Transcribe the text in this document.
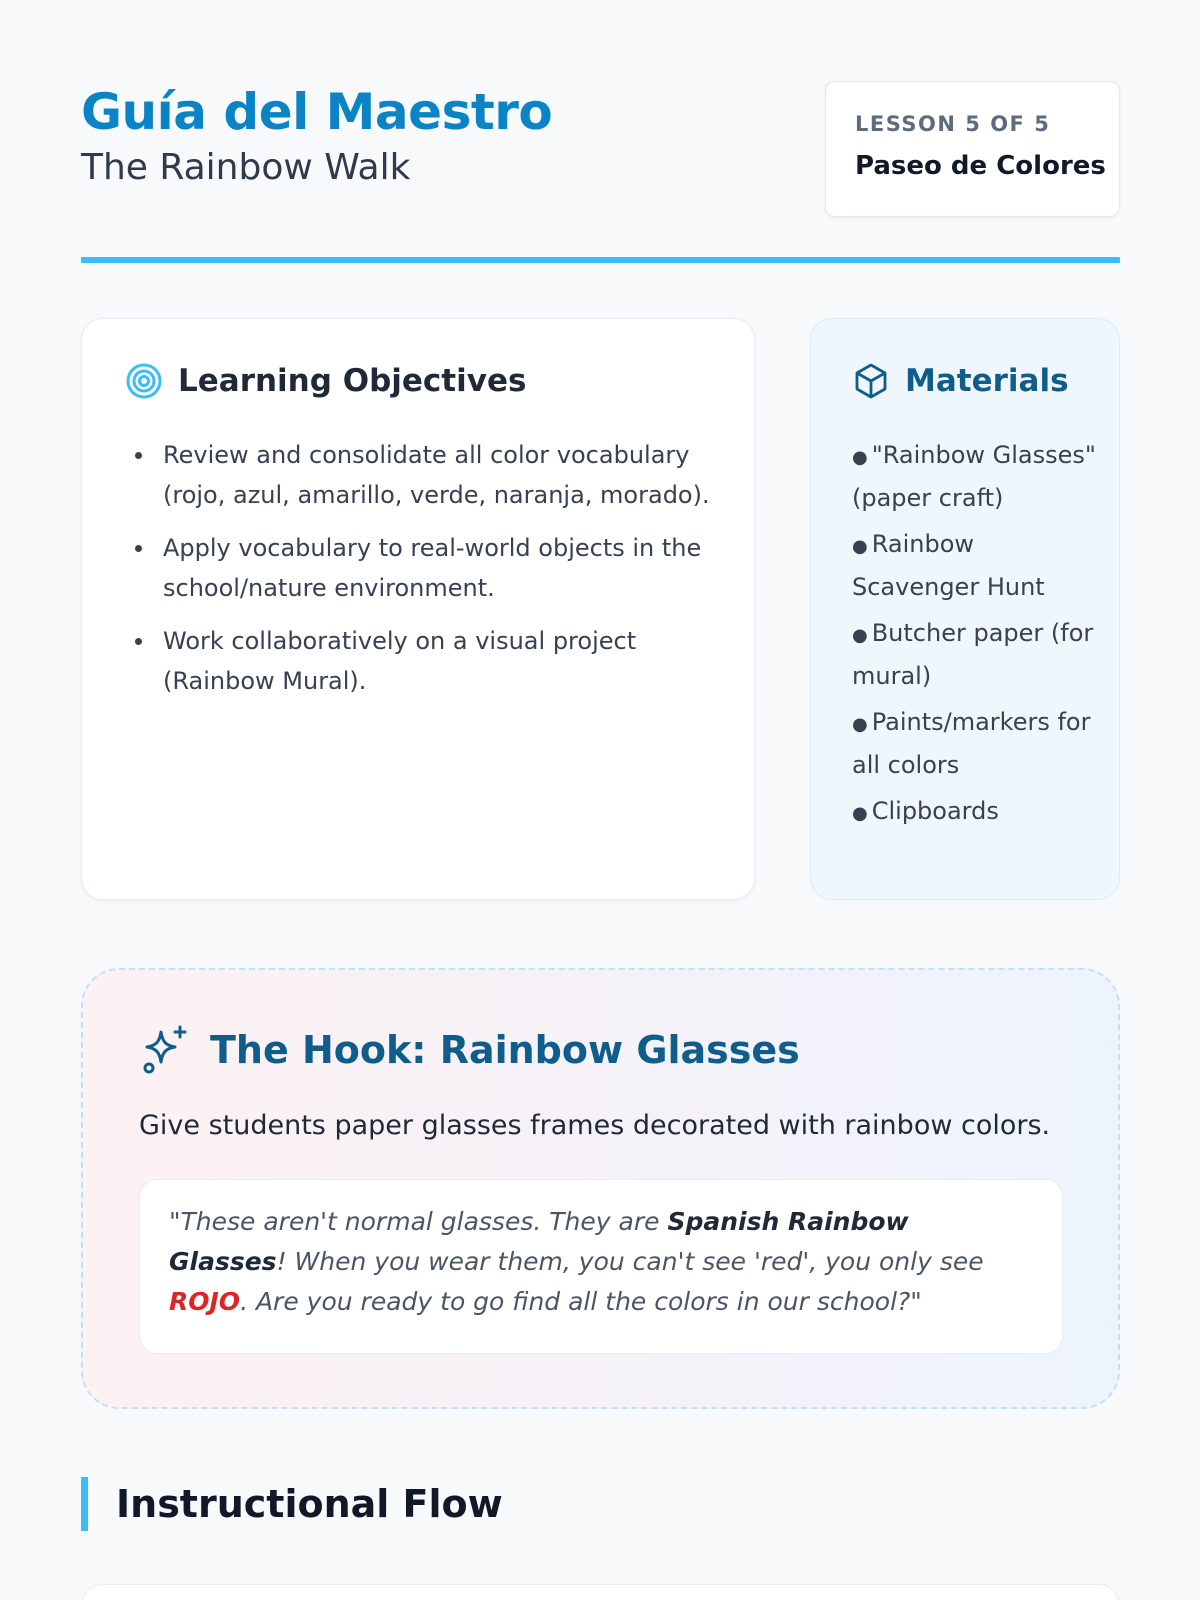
Guía del Maestro
The Rainbow Walk
LESSON 5 OF 5
Paseo de Colores
Learning Objectives
Review and consolidate all color vocabulary (rojo, azul, amarillo, verde, naranja, morado).
Apply vocabulary to real-world objects in the school/nature environment.
Work collaboratively on a visual project (Rainbow Mural).
Materials
● "Rainbow Glasses" (paper craft)
● Rainbow Scavenger Hunt
● Butcher paper (for mural)
● Paints/markers for all colors
● Clipboards
The Hook: Rainbow Glasses
Give students paper glasses frames decorated with rainbow colors.
"These aren't normal glasses. They are Spanish Rainbow Glasses! When you wear them, you can't see 'red', you only see ROJO. Are you ready to go find all the colors in our school?"
Instructional Flow
